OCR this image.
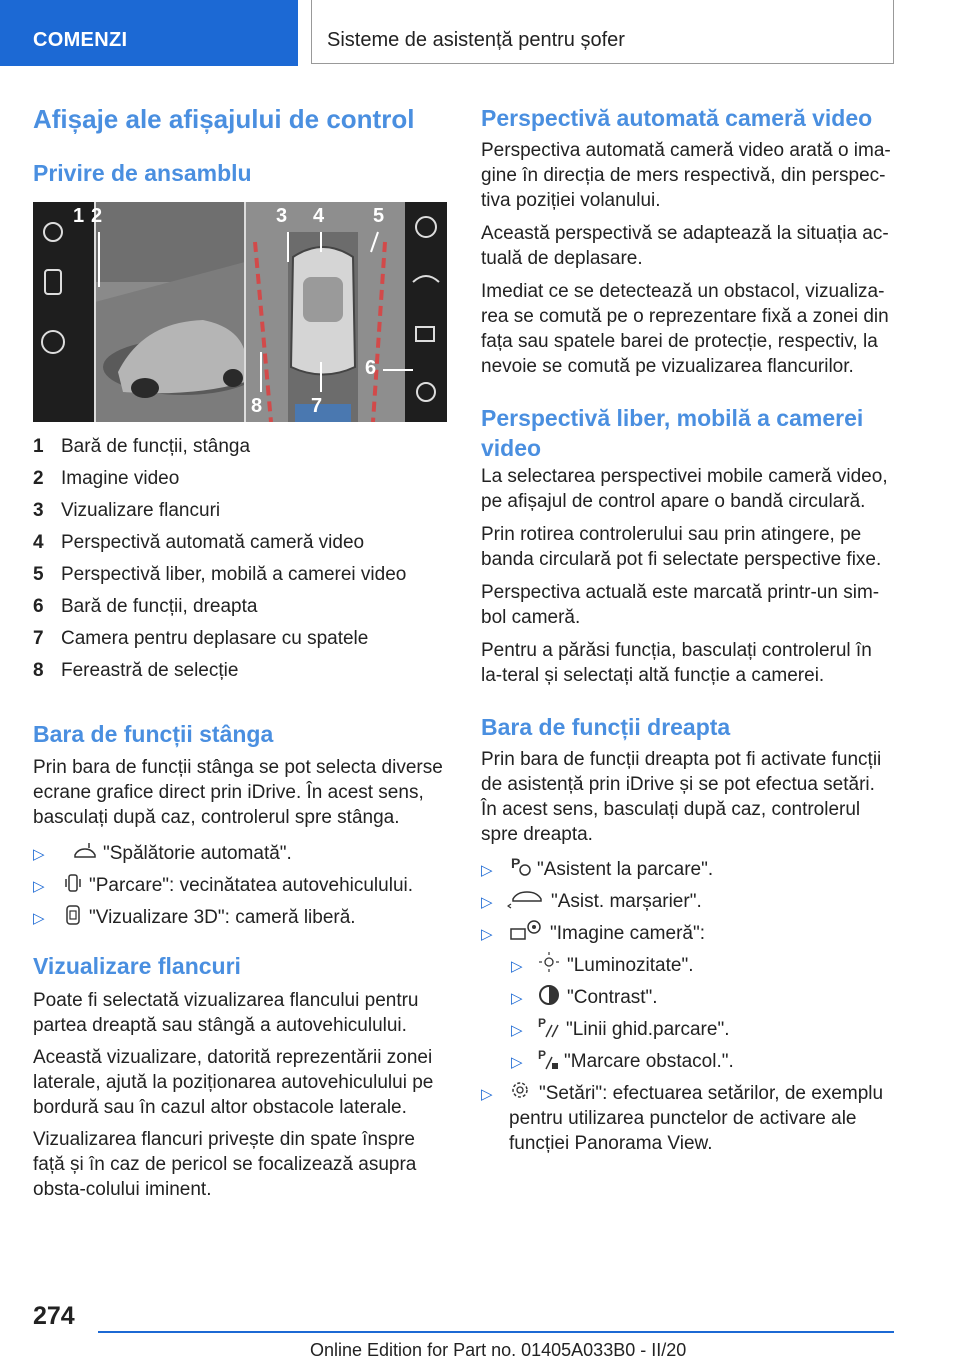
COMENZI	Sisteme de asistență pentru șofer
Afișaje ale afișajului de control
Privire de ansamblu
1 2	3 4 5
6
7
8
1 Bară de funcții, stânga
2 Imagine video
3 Vizualizare flancuri
4 Perspectivă automată cameră video
5 Perspectivă liber, mobilă a camerei video
6 Bară de funcții, dreapta
7 Camera pentru deplasare cu spatele
8 Fereastră de selecție
Bara de funcții stânga

Prin bara de funcții stânga se pot selecta diverse ecrane grafice direct prin iDrive. În acest sens, basculați după caz, controlerul spre stânga.

▷	"Spălătorie automată".
▷ "Parcare": vecinătatea autovehiculului.
▷ "Vizualizare 3D": cameră liberă.
Vizualizare flancuri

Poate fi selectată vizualizarea flancului pentru partea dreaptă sau stângă a autovehiculului.

Această vizualizare, datorită reprezentării zonei laterale, ajută la poziționarea autovehiculului pe bordură sau în cazul altor obstacole laterale.

Vizualizarea flancuri privește din spate înspre față și în caz de pericol se focalizează asupra obsta-colului iminent.

Perspectivă automată cameră video

Perspectiva automată cameră video arată o ima-gine în direcția de mers respectivă, din perspec-tiva poziției volanului.

Această perspectivă se adaptează la situația ac-tuală de deplasare.

Imediat ce se detectează un obstacol, vizualiza-rea se comută pe o reprezentare fixă a zonei din fața sau spatele barei de protecție, respectiv, la nevoie se comută pe vizualizarea flancurilor.

Perspectivă liber, mobilă a camerei video

La selectarea perspectivei mobile cameră video, pe afișajul de control apare o bandă circulară.

Prin rotirea controlerului sau prin atingere, pe banda circulară pot fi selectate perspective fixe.

Perspectiva actuală este marcată printr-un sim-bol cameră.

Pentru a părăsi funcția, basculați controlerul în la-teral și selectați altă funcție a camerei.

Bara de funcții dreapta

Prin bara de funcții dreapta pot fi activate funcții de asistență prin iDrive și se pot efectua setări. În acest sens, basculați după caz, controlerul spre dreapta.

▷ P "Asistent la parcare".
▷	"Asist. marșarier".
▷	"Imagine cameră":
▷ "Luminozitate".
▷ "Contrast".
▷ P "Linii ghid.parcare".
▷ P "Marcare obstacol.".
▷	"Setări": efectuarea setărilor, de exemplu pentru utilizarea punctelor de activare ale funcției Panorama View.
274
Online Edition for Part no. 01405A033B0 - II/20
